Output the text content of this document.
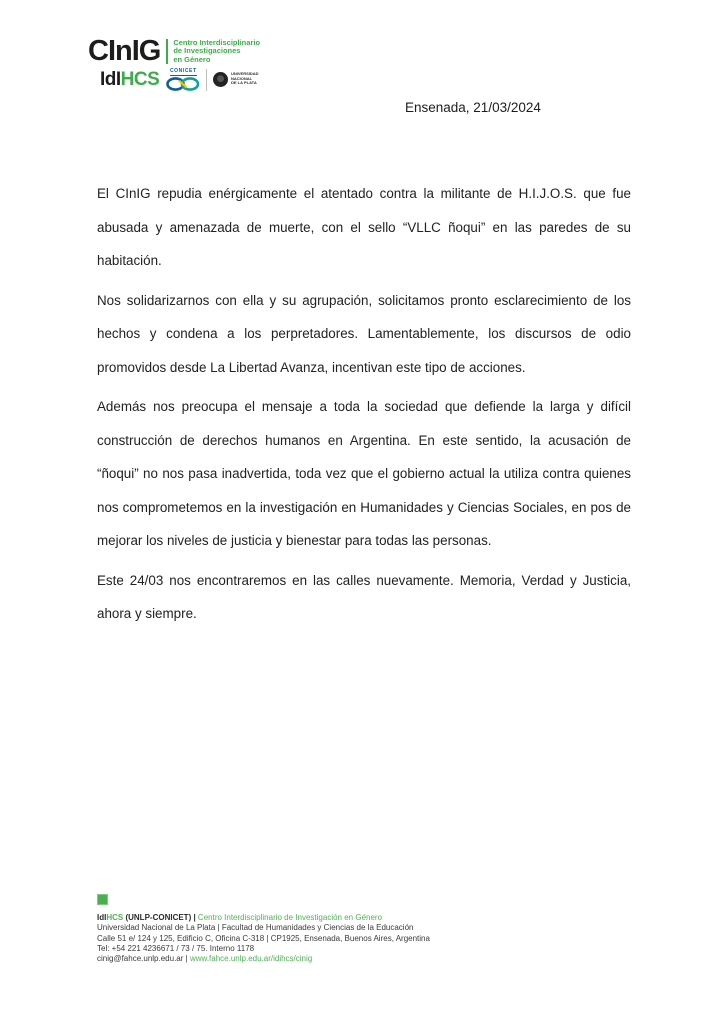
CInIG Centro Interdisciplinario
de Investigaciones
en Género
IdIHCS CONICET
UNIVERSIDAD
NACIONAL
DE LA PLATA
Ensenada, 21/03/2024

El CInIG repudia enérgicamente el atentado contra la militante de H.I.J.O.S. que fue abusada y amenazada de muerte, con el sello “VLLC ñoqui” en las paredes de su habitación.

Nos solidarizarnos con ella y su agrupación, solicitamos pronto esclarecimiento de los hechos y condena a los perpretadores. Lamentablemente, los discursos de odio promovidos desde La Libertad Avanza, incentivan este tipo de acciones.

Además nos preocupa el mensaje a toda la sociedad que defiende la larga y difícil construcción de derechos humanos en Argentina. En este sentido, la acusación de “ñoqui” no nos pasa inadvertida, toda vez que el gobierno actual la utiliza contra quienes nos comprometemos en la investigación en Humanidades y Ciencias Sociales, en pos de mejorar los niveles de justicia y bienestar para todas las personas.

Este 24/03 nos encontraremos en las calles nuevamente. Memoria, Verdad y Justicia, ahora y siempre.

IdIHCS (UNLP-CONICET) | Centro Interdisciplinario de Investigación en Género
Universidad Nacional de La Plata | Facultad de Humanidades y Ciencias de la Educación
Calle 51 e/ 124 y 125, Edificio C, Oficina C-318 | CP1925, Ensenada, Buenos Aires, Argentina
Tel: +54 221 4236671 / 73 / 75. Interno 1178
cinig@fahce.unlp.edu.ar | www.fahce.unlp.edu.ar/idihcs/cinig
